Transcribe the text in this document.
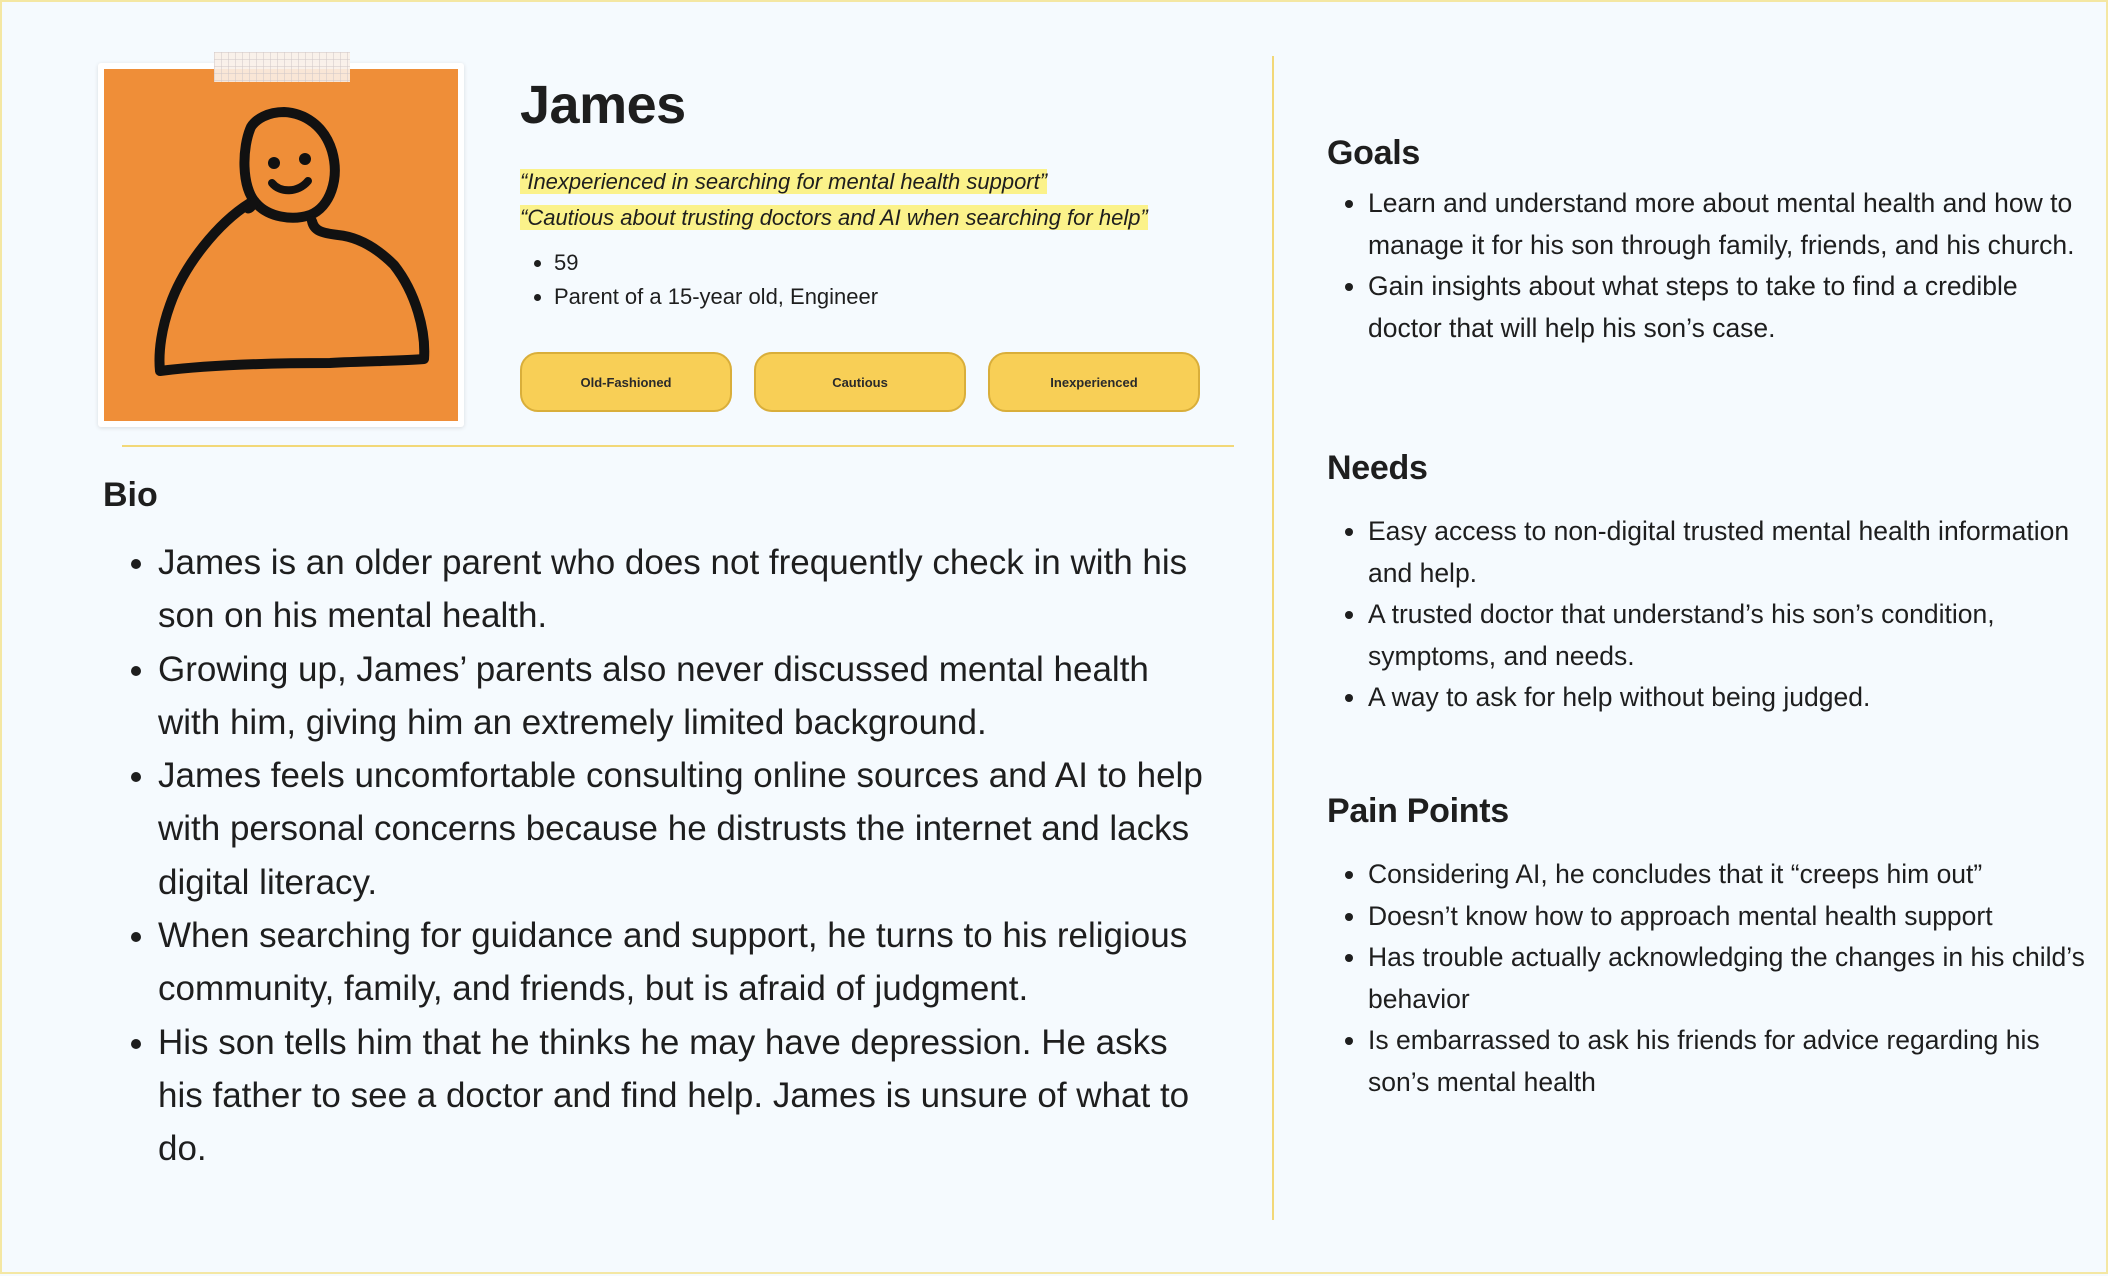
James
“Inexperienced in searching for mental health support”
“Cautious about trusting doctors and AI when searching for help”
• 59
• Parent of a 15-year old, Engineer
Old-Fashioned	Cautious	Inexperienced
Bio
• James is an older parent who does not frequently check in with his son on his mental health.
• Growing up, James’ parents also never discussed mental health with him, giving him an extremely limited background.
• James feels uncomfortable consulting online sources and AI to help with personal concerns because he distrusts the internet and lacks digital literacy.
• When searching for guidance and support, he turns to his religious community, family, and friends, but is afraid of judgment.
• His son tells him that he thinks he may have depression. He asks his father to see a doctor and find help. James is unsure of what to do.
Goals
• Learn and understand more about mental health and how to manage it for his son through family, friends, and his church.
• Gain insights about what steps to take to find a credible doctor that will help his son’s case.
Needs
• Easy access to non-digital trusted mental health information and help.
• A trusted doctor that understand’s his son’s condition, symptoms, and needs.
• A way to ask for help without being judged.
Pain Points
• Considering AI, he concludes that it “creeps him out”
• Doesn’t know how to approach mental health support
• Has trouble actually acknowledging the changes in his child’s behavior
• Is embarrassed to ask his friends for advice regarding his son’s mental health
